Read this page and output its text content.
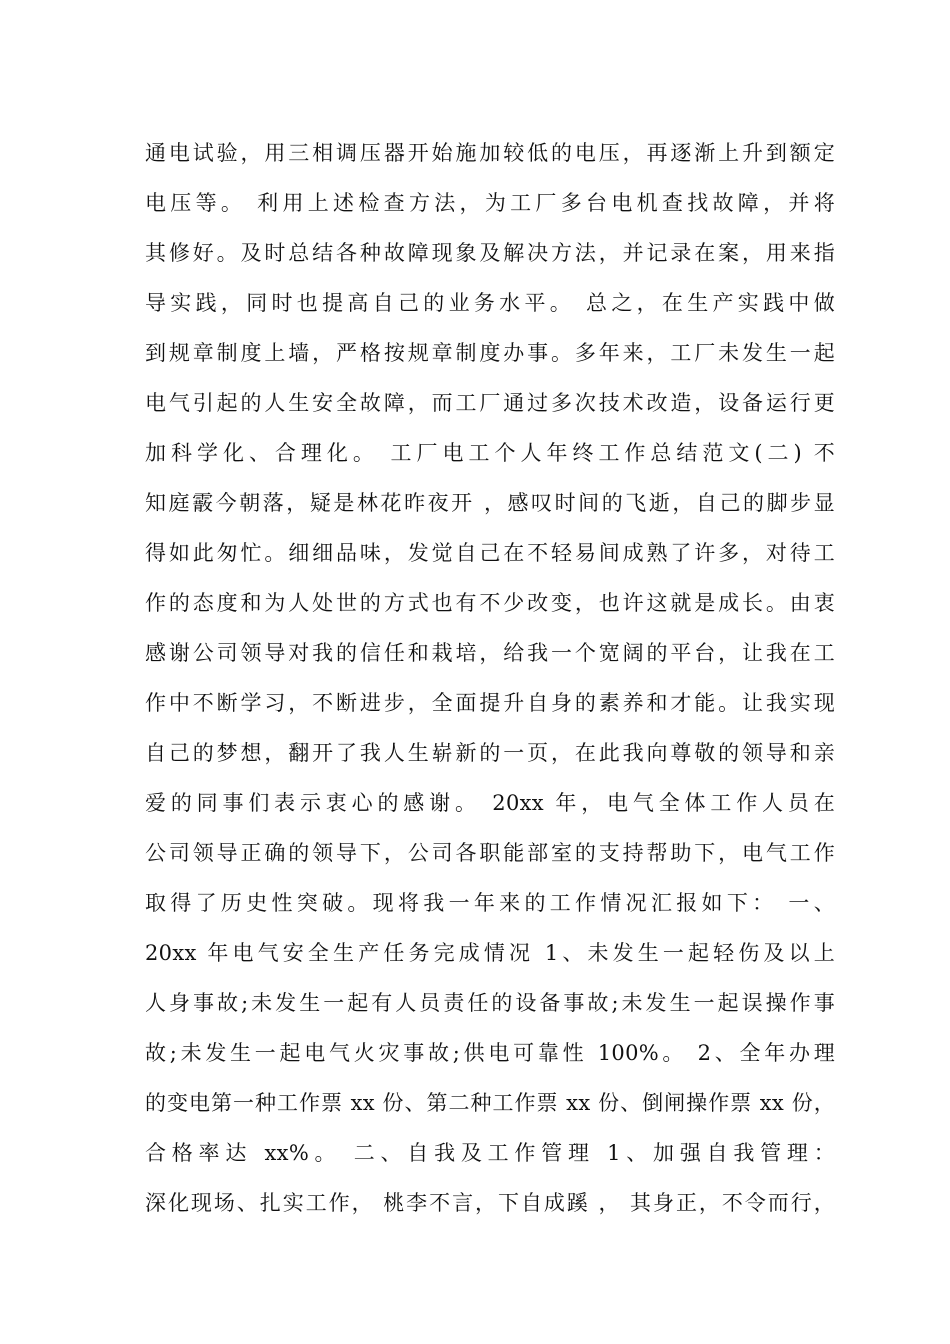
通电试验，用三相调压器开始施加较低的电压，再逐渐上升到额定
电压等。 利用上述检查方法，为工厂多台电机查找故障，并将
其修好。及时总结各种故障现象及解决方法，并记录在案，用来指
导实践，同时也提高自己的业务水平。 总之，在生产实践中做
到规章制度上墙，严格按规章制度办事。多年来，工厂未发生一起
电气引起的人生安全故障，而工厂通过多次技术改造，设备运行更
加科学化、合理化。 工厂电工个人年终工作总结范文(二) 不
知庭霰今朝落，疑是林花昨夜开 ，感叹时间的飞逝，自己的脚步显
得如此匆忙。细细品味，发觉自己在不轻易间成熟了许多，对待工
作的态度和为人处世的方式也有不少改变，也许这就是成长。由衷
感谢公司领导对我的信任和栽培，给我一个宽阔的平台，让我在工
作中不断学习，不断进步，全面提升自身的素养和才能。让我实现
自己的梦想，翻开了我人生崭新的一页，在此我向尊敬的领导和亲
爱的同事们表示衷心的感谢。 20xx 年，电气全体工作人员在
公司领导正确的领导下，公司各职能部室的支持帮助下，电气工作
取得了历史性突破。现将我一年来的工作情况汇报如下： 一、
20xx 年电气安全生产任务完成情况 1、未发生一起轻伤及以上
人身事故;未发生一起有人员责任的设备事故;未发生一起误操作事
故;未发生一起电气火灾事故;供电可靠性 100%。 2、全年办理
的变电第一种工作票 xx 份、第二种工作票 xx 份、倒闸操作票 xx 份，
合格率达 xx%。 二、自我及工作管理 1、加强自我管理：
深化现场、扎实工作， 桃李不言，下自成蹊 ， 其身正，不令而行，
